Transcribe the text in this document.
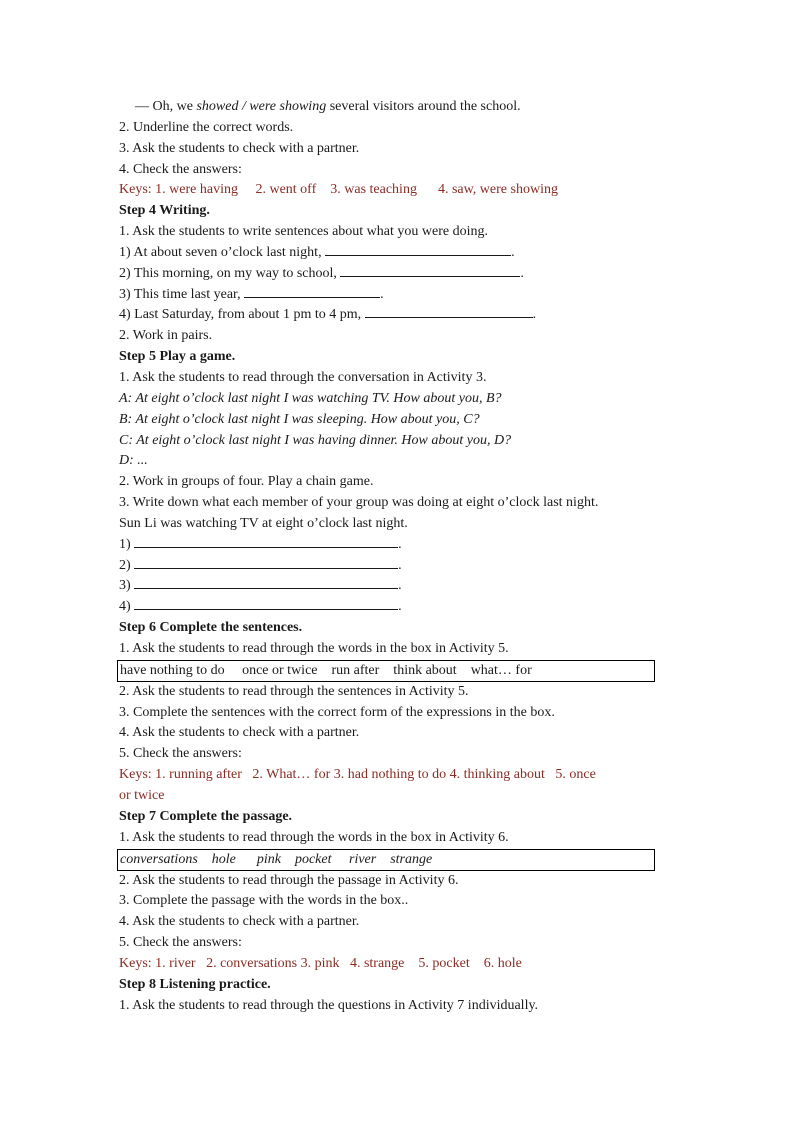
— Oh, we showed / were showing several visitors around the school.
2. Underline the correct words.
3. Ask the students to check with a partner.
4. Check the answers:
Keys: 1. were having     2. went off    3. was teaching      4. saw, were showing
Step 4 Writing.
1. Ask the students to write sentences about what you were doing.
1) At about seven o’clock last night,	.
2) This morning, on my way to school,	.
3) This time last year,	.
4) Last Saturday, from about 1 pm to 4 pm,	.
2. Work in pairs.
Step 5 Play a game.
1. Ask the students to read through the conversation in Activity 3.
A: At eight o’clock last night I was watching TV. How about you, B?
B: At eight o’clock last night I was sleeping. How about you, C?
C: At eight o’clock last night I was having dinner. How about you, D?
D: ...
2. Work in groups of four. Play a chain game.
3. Write down what each member of your group was doing at eight o’clock last night.
Sun Li was watching TV at eight o’clock last night.
1)	.
2)	.
3)	.
4)	.
Step 6 Complete the sentences.
1. Ask the students to read through the words in the box in Activity 5.
have nothing to do     once or twice    run after    think about    what… for
2. Ask the students to read through the sentences in Activity 5.
3. Complete the sentences with the correct form of the expressions in the box.
4. Ask the students to check with a partner.
5. Check the answers:
Keys: 1. running after   2. What… for 3. had nothing to do 4. thinking about   5. once
or twice
Step 7 Complete the passage.
1. Ask the students to read through the words in the box in Activity 6.
conversations    hole      pink    pocket     river    strange
2. Ask the students to read through the passage in Activity 6.
3. Complete the passage with the words in the box..
4. Ask the students to check with a partner.
5. Check the answers:
Keys: 1. river   2. conversations 3. pink   4. strange    5. pocket    6. hole
Step 8 Listening practice.
1. Ask the students to read through the questions in Activity 7 individually.
